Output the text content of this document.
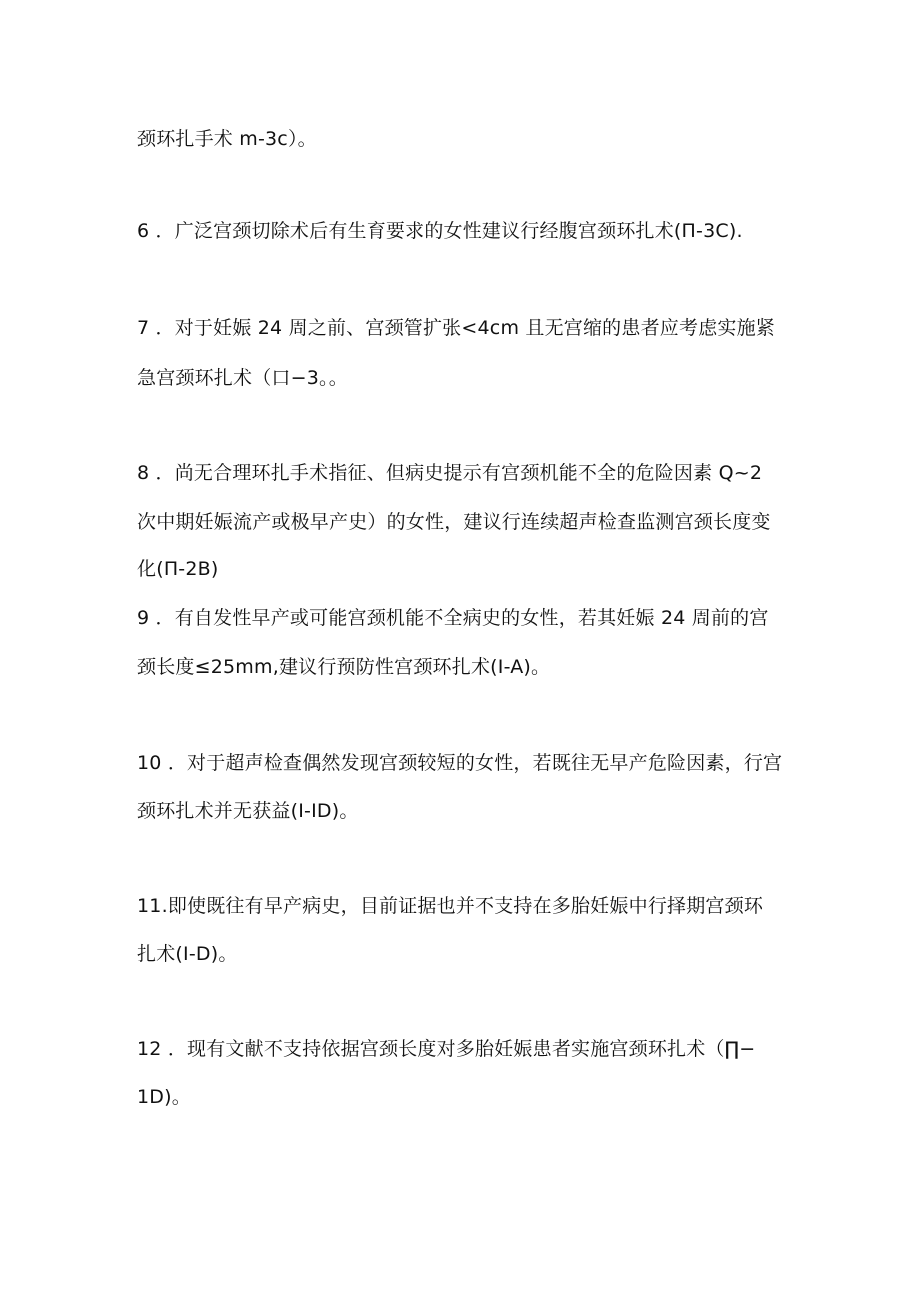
颈环扎手术 m-3c）。
6 ．广泛宫颈切除术后有生育要求的女性建议行经腹宫颈环扎术(Π-3C).
7 ．对于妊娠 24 周之前、宫颈管扩张<4cm 且无宫缩的患者应考虑实施紧
急宫颈环扎术（口−3。。
8 ．尚无合理环扎手术指征、但病史提示有宫颈机能不全的危险因素 Q~2
次中期妊娠流产或极早产史）的女性，建议行连续超声检查监测宫颈长度变
化(Π-2B)
9 ．有自发性早产或可能宫颈机能不全病史的女性，若其妊娠 24 周前的宫
颈长度≤25mm,建议行预防性宫颈环扎术(I-A)。
10 ．对于超声检查偶然发现宫颈较短的女性，若既往无早产危险因素，行宫
颈环扎术并无获益(I-ID)。
11.即使既往有早产病史，目前证据也并不支持在多胎妊娠中行择期宫颈环
扎术(I-D)。
12 ．现有文献不支持依据宫颈长度对多胎妊娠患者实施宫颈环扎术（∏−
1D)。
